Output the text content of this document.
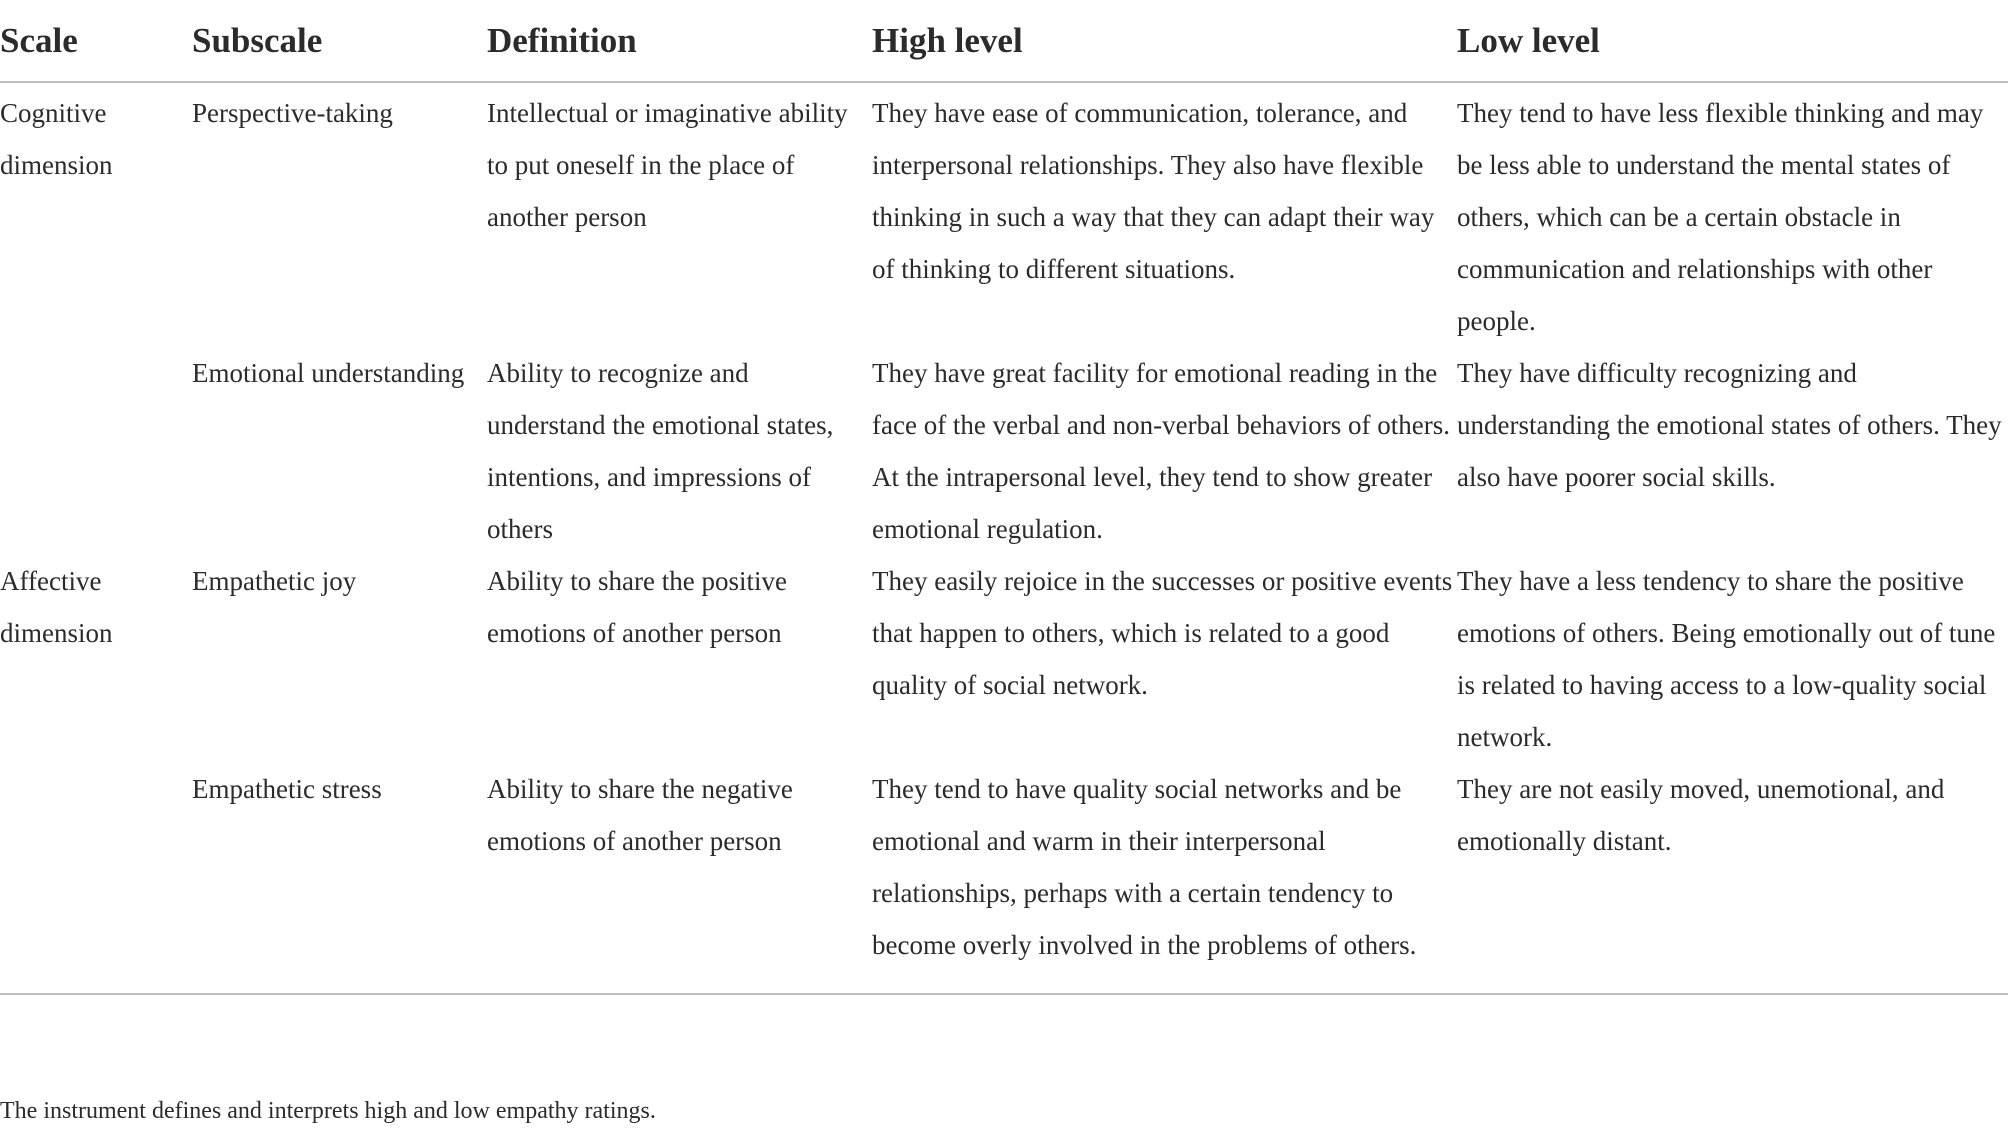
Scale	Subscale	Definition	High level	Low level
Cognitive dimension	Perspective-taking	Intellectual or imaginative ability to put oneself in the place of another person	They have ease of communication, tolerance, and interpersonal relationships. They also have flexible thinking in such a way that they can adapt their way of thinking to different situations.	They tend to have less flexible thinking and may be less able to understand the mental states of others, which can be a certain obstacle in communication and relationships with other people.
	Emotional understanding	Ability to recognize and understand the emotional states, intentions, and impressions of others	They have great facility for emotional reading in the face of the verbal and non-verbal behaviors of others. At the intrapersonal level, they tend to show greater emotional regulation.	They have difficulty recognizing and understanding the emotional states of others. They also have poorer social skills.
Affective dimension	Empathetic joy	Ability to share the positive emotions of another person	They easily rejoice in the successes or positive events that happen to others, which is related to a good quality of social network.	They have a less tendency to share the positive emotions of others. Being emotionally out of tune is related to having access to a low-quality social network.
	Empathetic stress	Ability to share the negative emotions of another person	They tend to have quality social networks and be emotional and warm in their interpersonal relationships, perhaps with a certain tendency to become overly involved in the problems of others.	They are not easily moved, unemotional, and emotionally distant.
The instrument defines and interprets high and low empathy ratings.
